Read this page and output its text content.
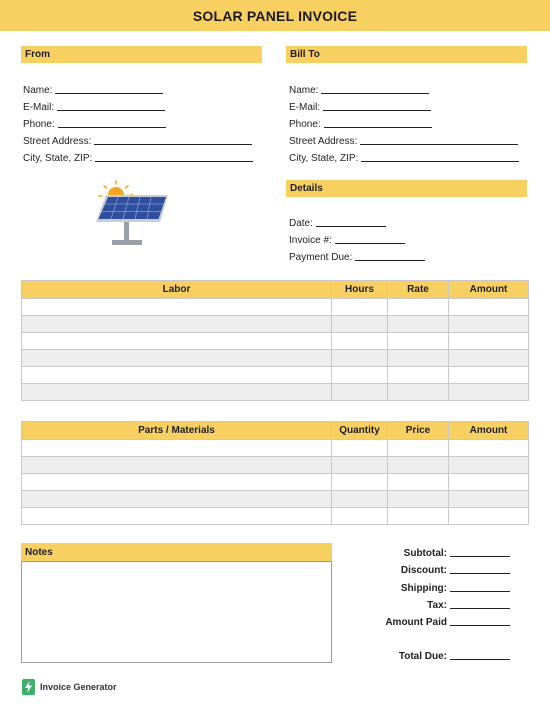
SOLAR PANEL INVOICE
From
Name:
E-Mail:
Phone:
Street Address:
City, State, ZIP:
Bill To
Name:
E-Mail:
Phone:
Street Address:
City, State, ZIP:
Details
Date:
Invoice #:
Payment Due:
Labor	Hours	Rate	Amount

Parts / Materials	Quantity	Price	Amount

Notes	Subtotal:
Discount:
Shipping:
Tax:
Amount Paid
Total Due:
Invoice Generator
